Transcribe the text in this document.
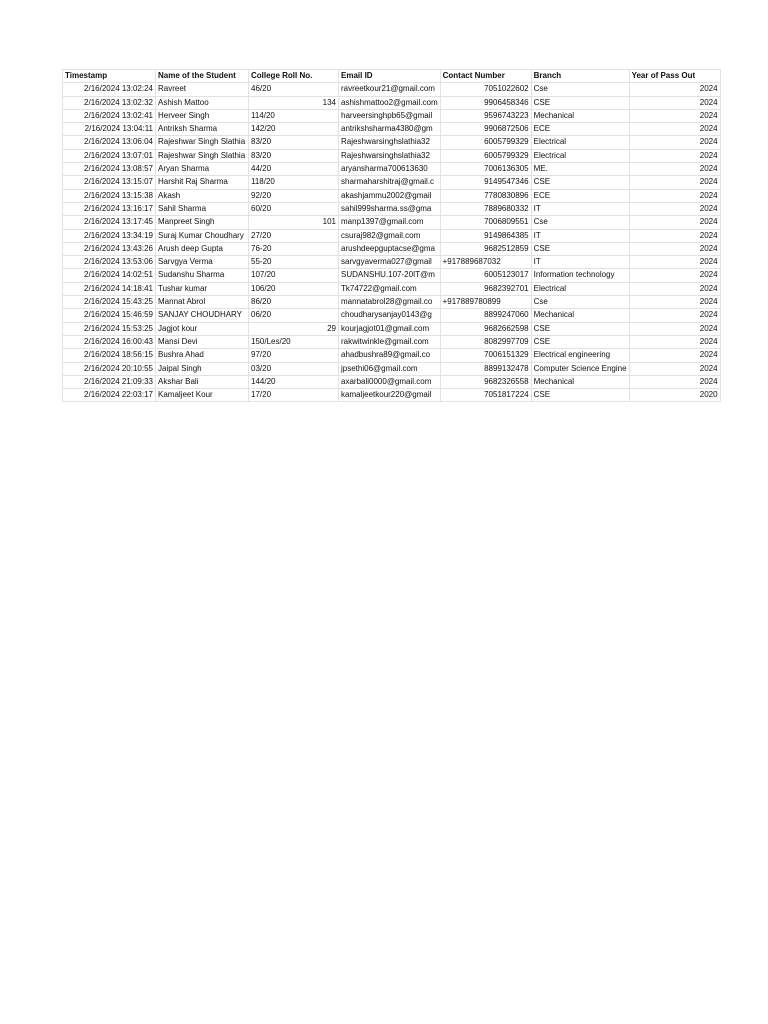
Timestamp	Name of the Student	College Roll No.	Email ID	Contact Number	Branch	Year of Pass Out
2/16/2024 13:02:24	Ravreet	46/20	ravreetkour21@gmail.com	7051022602	Cse	2024
2/16/2024 13:02:32	Ashish Mattoo	134	ashishmattoo2@gmail.com	9906458346	CSE	2024
2/16/2024 13:02:41	Herveer Singh	114/20	harveersinghpb65@gmail	9596743223	Mechanical	2024
2/16/2024 13:04:11	Antriksh Sharma	142/20	antrikshsharma4380@gm	9906872506	ECE	2024
2/16/2024 13:06:04	Rajeshwar Singh Slathia	83/20	Rajeshwarsinghslathia32	6005799329	Electrical	2024
2/16/2024 13:07:01	Rajeshwar Singh Slathia	83/20	Rajeshwarsinghslathia32	6005799329	Electrical	2024
2/16/2024 13:08:57	Aryan Sharma	44/20	aryansharma700613630	7006136305	ME.	2024
2/16/2024 13:15:07	Harshit Raj Sharma	118/20	sharmaharshitraj@gmail.c	9149547346	CSE	2024
2/16/2024 13:15:38	Akash	92/20	akashjammu2002@gmail	7780830896	ECE	2024
2/16/2024 13:16:17	Sahil Sharma	60/20	sahil999sharma.ss@gma	7889680332	IT	2024
2/16/2024 13:17:45	Manpreet Singh	101	manp1397@gmail.com	7006809551	Cse	2024
2/16/2024 13:34:19	Suraj Kumar Choudhary	27/20	csuraj982@gmail.com	9149864385	IT	2024
2/16/2024 13:43:26	Arush deep Gupta	76-20	arushdeepguptacse@gma	9682512859	CSE	2024
2/16/2024 13:53:06	Sarvgya Verma	55-20	sarvgyaverma027@gmail	+917889687032	IT	2024
2/16/2024 14:02:51	Sudanshu Sharma	107/20	SUDANSHU.107-20IT@m	6005123017	Information technology	2024
2/16/2024 14:18:41	Tushar kumar	106/20	Tk74722@gmail.com	9682392701	Electrical	2024
2/16/2024 15:43:25	Mannat Abrol	86/20	mannatabrol28@gmail.co	+917889780899	Cse	2024
2/16/2024 15:46:59	SANJAY CHOUDHARY	06/20	choudharysanjay0143@g	8899247060	Mechanical	2024
2/16/2024 15:53:25	Jagjot kour	29	kourjagjot01@gmail.com	9682662598	CSE	2024
2/16/2024 16:00:43	Mansi Devi	150/Les/20	rakwitwinkle@gmail.com	8082997709	CSE	2024
2/16/2024 18:56:15	Bushra Ahad	97/20	ahadbushra89@gmail.co	7006151329	Electrical engineering	2024
2/16/2024 20:10:55	Jaipal Singh	03/20	jpsethi06@gmail.com	8899132478	Computer Science Engine	2024
2/16/2024 21:09:33	Akshar Bali	144/20	axarbali0000@gmail.com	9682326558	Mechanical	2024
2/16/2024 22:03:17	Kamaljeet Kour	17/20	kamaljeetkour220@gmail	7051817224	CSE	2020
